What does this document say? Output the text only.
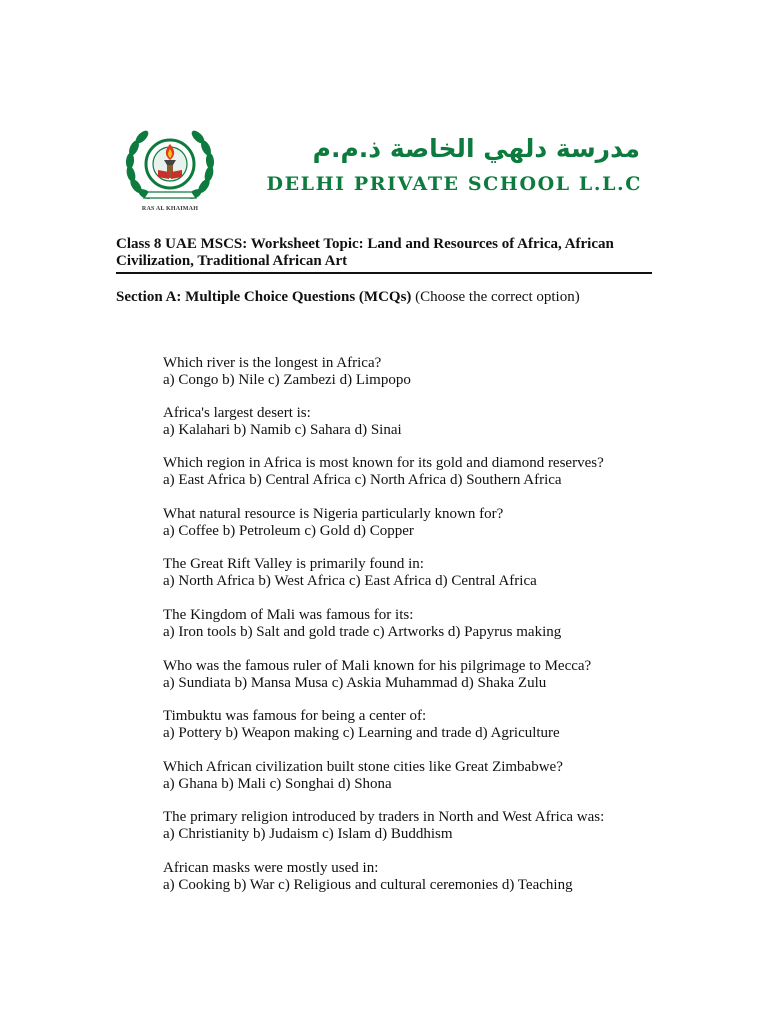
RAS AL KHAIMAH
مدرسة دلهي الخاصة ذ.م.م
DELHI PRIVATE SCHOOL L.L.C

Class 8 UAE MSCS: Worksheet Topic: Land and Resources of Africa, African Civilization, Traditional African Art

Section A: Multiple Choice Questions (MCQs) (Choose the correct option)
Which river is the longest in Africa?
a) Congo b) Nile c) Zambezi d) Limpopo
Africa's largest desert is:
a) Kalahari b) Namib c) Sahara d) Sinai
Which region in Africa is most known for its gold and diamond reserves?
a) East Africa b) Central Africa c) North Africa d) Southern Africa
What natural resource is Nigeria particularly known for?
a) Coffee b) Petroleum c) Gold d) Copper
The Great Rift Valley is primarily found in:
a) North Africa b) West Africa c) East Africa d) Central Africa
The Kingdom of Mali was famous for its:
a) Iron tools b) Salt and gold trade c) Artworks d) Papyrus making
Who was the famous ruler of Mali known for his pilgrimage to Mecca?
a) Sundiata b) Mansa Musa c) Askia Muhammad d) Shaka Zulu
Timbuktu was famous for being a center of:
a) Pottery b) Weapon making c) Learning and trade d) Agriculture
Which African civilization built stone cities like Great Zimbabwe?
a) Ghana b) Mali c) Songhai d) Shona
The primary religion introduced by traders in North and West Africa was:
a) Christianity b) Judaism c) Islam d) Buddhism
African masks were mostly used in:
a) Cooking b) War c) Religious and cultural ceremonies d) Teaching
